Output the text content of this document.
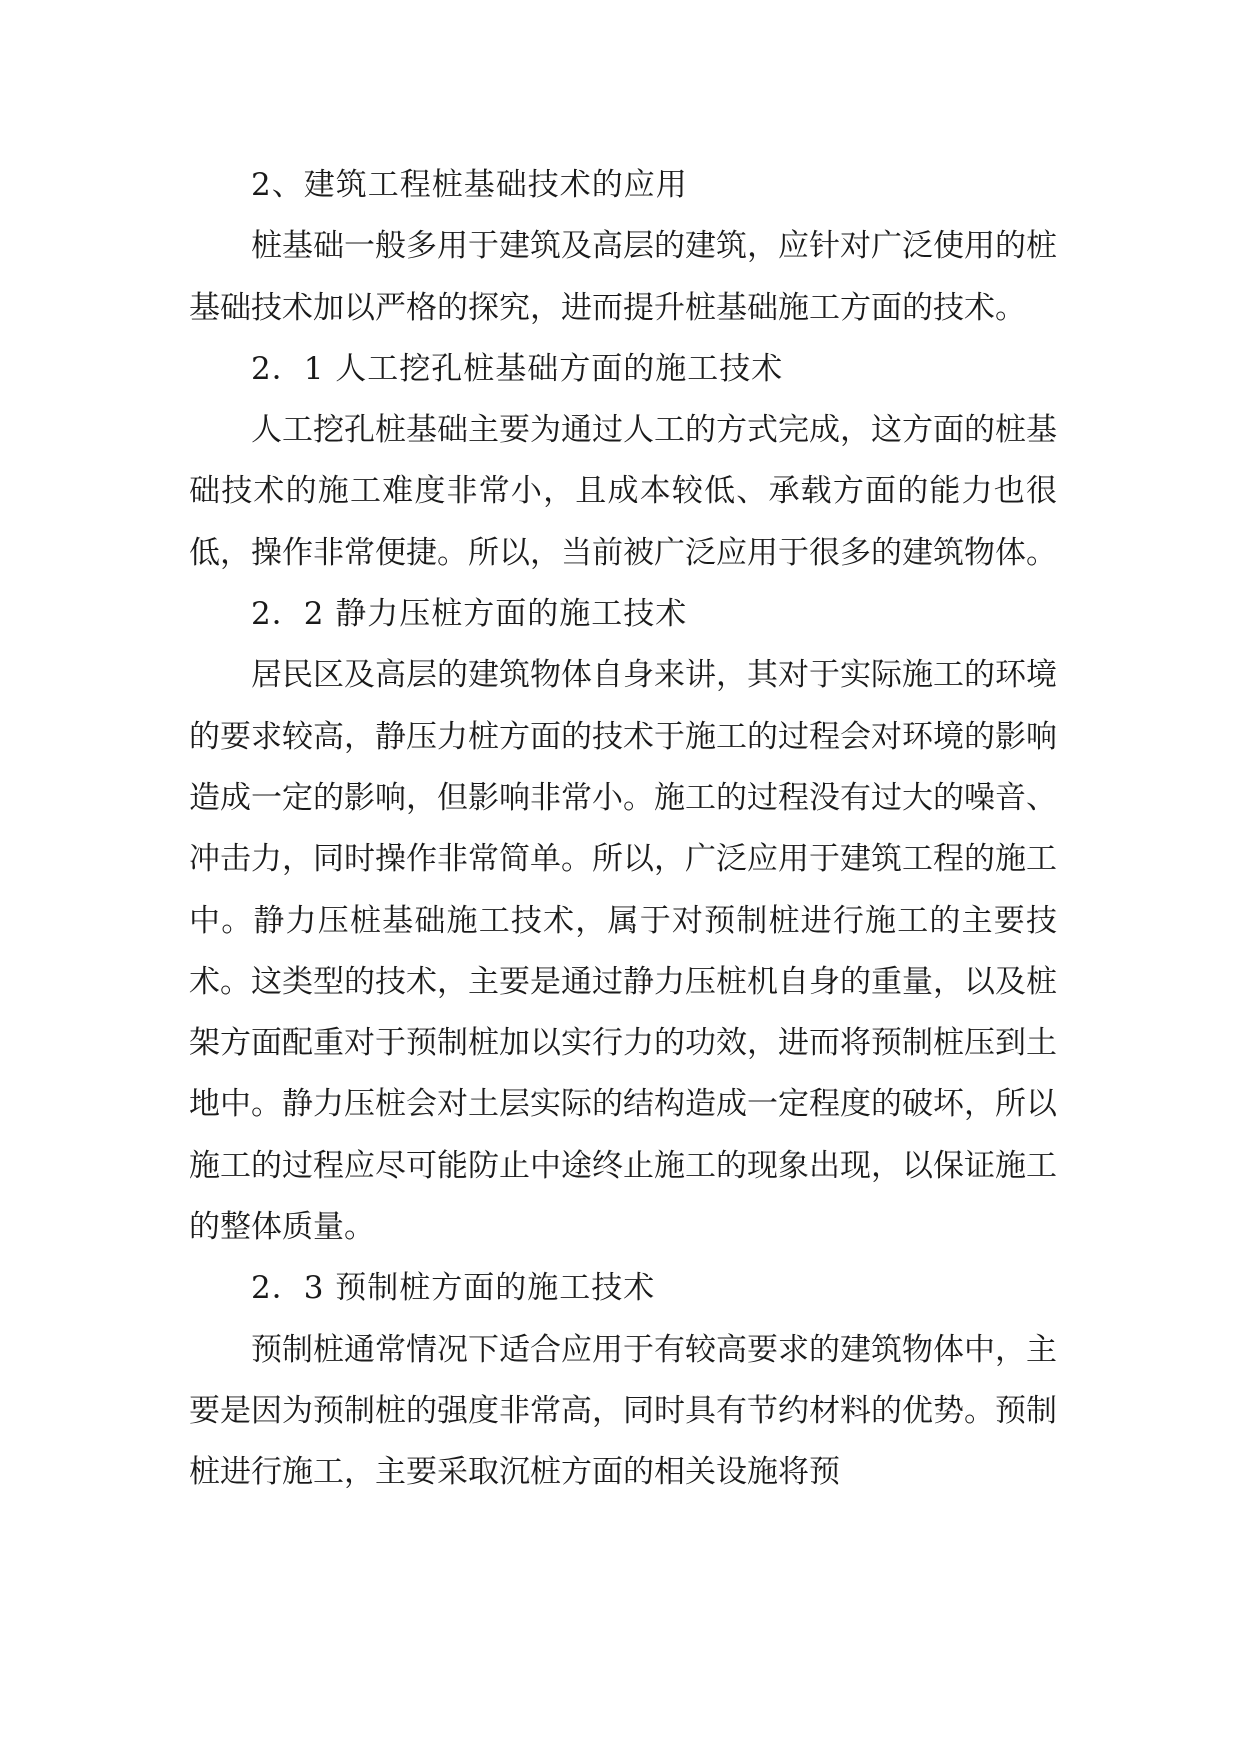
2、建筑工程桩基础技术的应用

桩基础一般多用于建筑及高层的建筑，应针对广泛使用的桩基础技术加以严格的探究，进而提升桩基础施工方面的技术。

2．1 人工挖孔桩基础方面的施工技术

人工挖孔桩基础主要为通过人工的方式完成，这方面的桩基础技术的施工难度非常小，且成本较低、承载方面的能力也很低，操作非常便捷。所以，当前被广泛应用于很多的建筑物体。

2．2 静力压桩方面的施工技术

居民区及高层的建筑物体自身来讲，其对于实际施工的环境的要求较高，静压力桩方面的技术于施工的过程会对环境的影响造成一定的影响，但影响非常小。施工的过程没有过大的噪音、冲击力，同时操作非常简单。所以，广泛应用于建筑工程的施工中。静力压桩基础施工技术，属于对预制桩进行施工的主要技术。这类型的技术，主要是通过静力压桩机自身的重量，以及桩架方面配重对于预制桩加以实行力的功效，进而将预制桩压到土地中。静力压桩会对土层实际的结构造成一定程度的破坏，所以施工的过程应尽可能防止中途终止施工的现象出现，以保证施工的整体质量。

2．3 预制桩方面的施工技术

预制桩通常情况下适合应用于有较高要求的建筑物体中，主要是因为预制桩的强度非常高，同时具有节约材料的优势。预制桩进行施工，主要采取沉桩方面的相关设施将预
